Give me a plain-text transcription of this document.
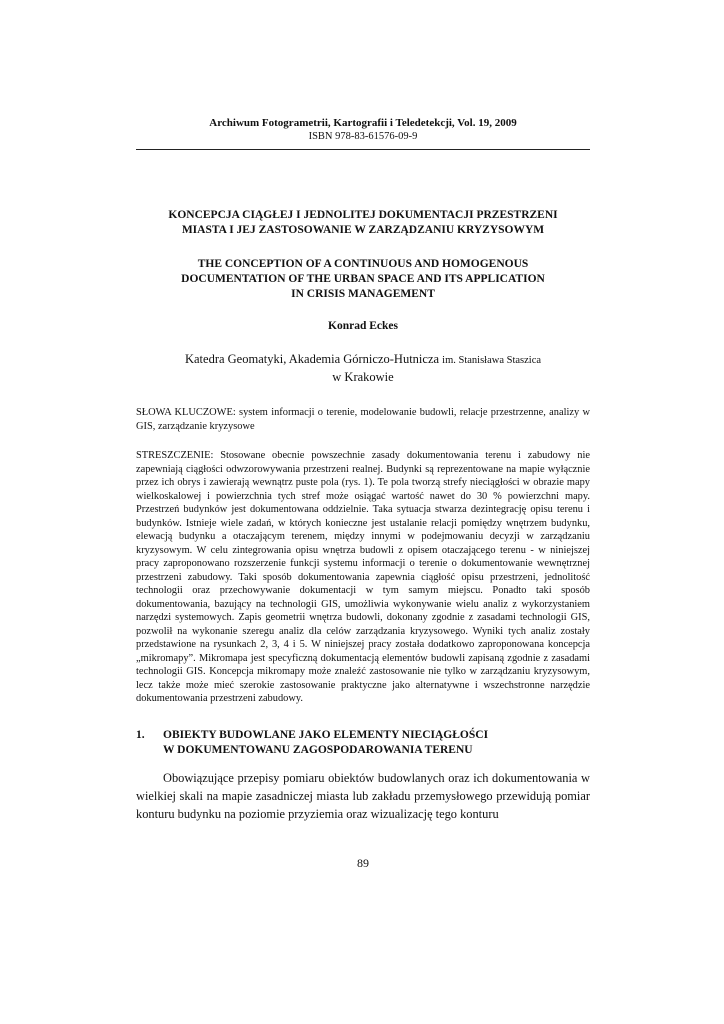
Archiwum Fotogrametrii, Kartografii i Teledetekcji, Vol. 19, 2009
ISBN 978-83-61576-09-9
KONCEPCJA CIĄGŁEJ I JEDNOLITEJ DOKUMENTACJI PRZESTRZENI
MIASTA I JEJ ZASTOSOWANIE W ZARZĄDZANIU KRYZYSOWYM
THE CONCEPTION OF A CONTINUOUS AND HOMOGENOUS
DOCUMENTATION OF THE URBAN SPACE AND ITS APPLICATION
IN CRISIS MANAGEMENT
Konrad Eckes
Katedra Geomatyki, Akademia Górniczo-Hutnicza im. Stanisława Staszica
w Krakowie
SŁOWA KLUCZOWE: system informacji o terenie, modelowanie budowli, relacje przestrzenne, analizy w GIS, zarządzanie kryzysowe
STRESZCZENIE: Stosowane obecnie powszechnie zasady dokumentowania terenu i zabudowy nie zapewniają ciągłości odwzorowywania przestrzeni realnej. Budynki są reprezentowane na mapie wyłącznie przez ich obrys i zawierają wewnątrz puste pola (rys. 1). Te pola tworzą strefy nieciągłości w obrazie mapy wielkoskalowej i powierzchnia tych stref może osiągać wartość nawet do 30 % powierzchni mapy. Przestrzeń budynków jest dokumentowana oddzielnie. Taka sytuacja stwarza dezintegrację opisu terenu i budynków. Istnieje wiele zadań, w których konieczne jest ustalanie relacji pomiędzy wnętrzem budynku, elewacją budynku a otaczającym terenem, między innymi w podejmowaniu decyzji w zarządzaniu kryzysowym. W celu zintegrowania opisu wnętrza budowli z opisem otaczającego terenu - w niniejszej pracy zaproponowano rozszerzenie funkcji systemu informacji o terenie o dokumentowanie wewnętrznej przestrzeni zabudowy. Taki sposób dokumentowania zapewnia ciągłość opisu przestrzeni, jednolitość technologii oraz przechowywanie dokumentacji w tym samym miejscu. Ponadto taki sposób dokumentowania, bazujący na technologii GIS, umożliwia wykonywanie wielu analiz z wykorzystaniem narzędzi systemowych. Zapis geometrii wnętrza budowli, dokonany zgodnie z zasadami technologii GIS, pozwolił na wykonanie szeregu analiz dla celów zarządzania kryzysowego. Wyniki tych analiz zostały przedstawione na rysunkach 2, 3, 4 i 5. W niniejszej pracy została dodatkowo zaproponowana koncepcja „mikromapy”. Mikromapa jest specyficzną dokumentacją elementów budowli zapisaną zgodnie z zasadami technologii GIS. Koncepcja mikromapy może znaleźć zastosowanie nie tylko w zarządzaniu kryzysowym, lecz także może mieć szerokie zastosowanie praktyczne jako alternatywne i wszechstronne narzędzie dokumentowania przestrzeni zabudowy.
1. OBIEKTY BUDOWLANE JAKO ELEMENTY NIECIĄGŁOŚCI
W DOKUMENTOWANU ZAGOSPODAROWANIA TERENU
Obowiązujące przepisy pomiaru obiektów budowlanych oraz ich dokumentowania w wielkiej skali na mapie zasadniczej miasta lub zakładu przemysłowego przewidują pomiar konturu budynku na poziomie przyziemia oraz wizualizację tego konturu
89
